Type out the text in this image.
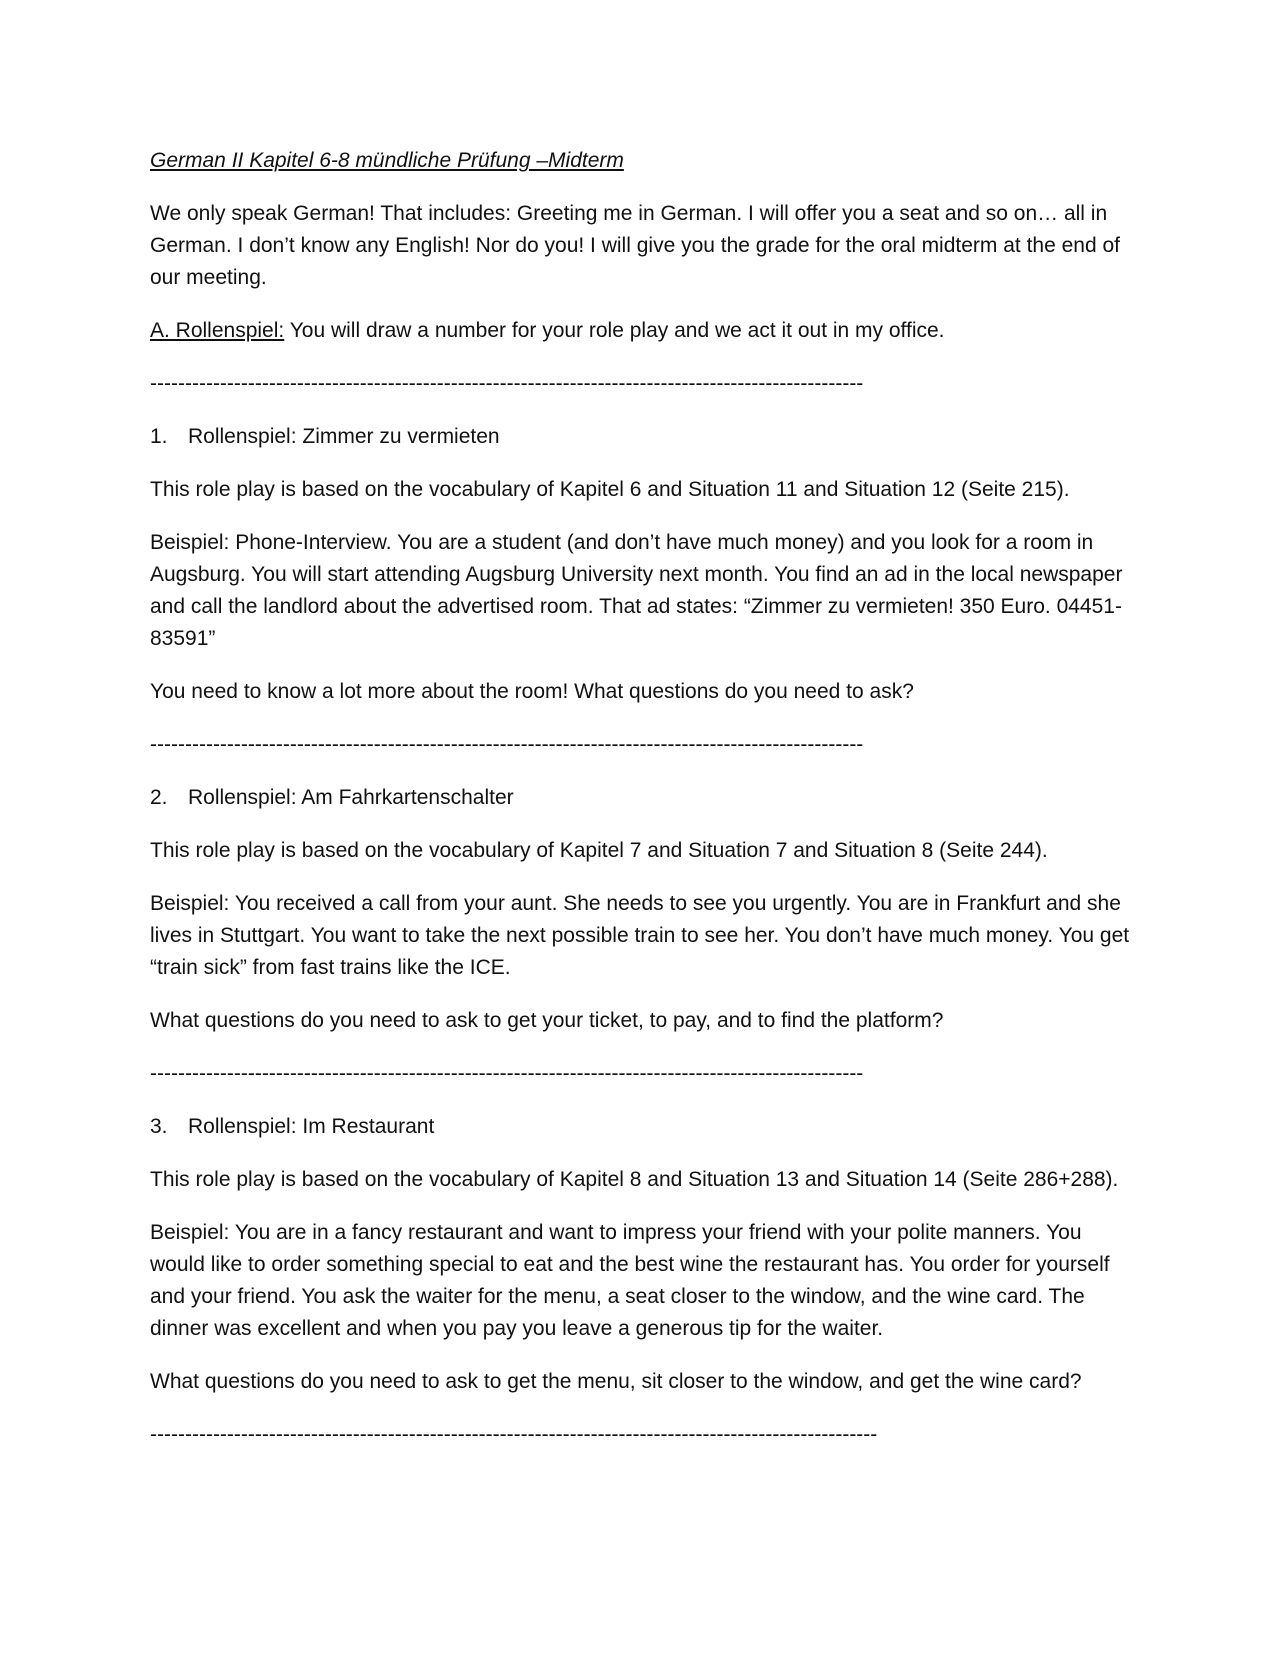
German II Kapitel 6-8 mündliche Prüfung –Midterm
We only speak German! That includes: Greeting me in German. I will offer you a seat and so on… all in German. I don’t know any English! Nor do you! I will give you the grade for the oral midterm at the end of our meeting.
A. Rollenspiel: You will draw a number for your role play and we act it out in my office.
------------------------------------------------------------------------------------------------------
1. Rollenspiel: Zimmer zu vermieten
This role play is based on the vocabulary of Kapitel 6 and Situation 11 and Situation 12 (Seite 215).
Beispiel: Phone-Interview. You are a student (and don’t have much money) and you look for a room in Augsburg. You will start attending Augsburg University next month. You find an ad in the local newspaper and call the landlord about the advertised room. That ad states: “Zimmer zu vermieten! 350 Euro. 04451-83591”
You need to know a lot more about the room! What questions do you need to ask?
------------------------------------------------------------------------------------------------------
2. Rollenspiel: Am Fahrkartenschalter
This role play is based on the vocabulary of Kapitel 7 and Situation 7 and Situation 8 (Seite 244).
Beispiel: You received a call from your aunt. She needs to see you urgently. You are in Frankfurt and she lives in Stuttgart. You want to take the next possible train to see her. You don’t have much money. You get “train sick” from fast trains like the ICE.
What questions do you need to ask to get your ticket, to pay, and to find the platform?
------------------------------------------------------------------------------------------------------
3. Rollenspiel: Im Restaurant
This role play is based on the vocabulary of Kapitel 8 and Situation 13 and Situation 14 (Seite 286+288).
Beispiel: You are in a fancy restaurant and want to impress your friend with your polite manners. You would like to order something special to eat and the best wine the restaurant has. You order for yourself and your friend. You ask the waiter for the menu, a seat closer to the window, and the wine card. The dinner was excellent and when you pay you leave a generous tip for the waiter.
What questions do you need to ask to get the menu, sit closer to the window, and get the wine card?
--------------------------------------------------------------------------------------------------------
